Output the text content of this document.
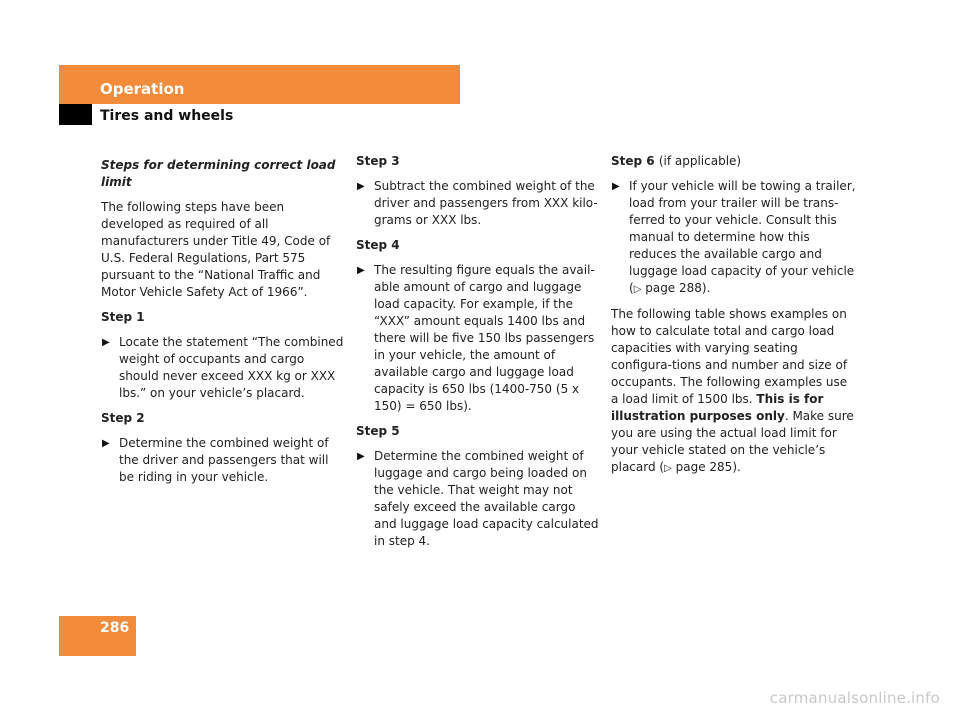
Operation
Tires and wheels
Steps for determining correct load limit

The following steps have been developed as required of all manufacturers under Title 49, Code of U.S. Federal Regulations, Part 575 pursuant to the “National Traffic and Motor Vehicle Safety Act of 1966”.

Step 1
▶ Locate the statement “The combined weight of occupants and cargo should never exceed XXX kg or XXX lbs.” on your vehicle’s placard.
Step 2
▶ Determine the combined weight of the driver and passengers that will be riding in your vehicle.
Step 3
▶ Subtract the combined weight of the driver and passengers from XXX kilo-grams or XXX lbs.
Step 4
▶ The resulting figure equals the avail-able amount of cargo and luggage load capacity. For example, if the “XXX” amount equals 1400 lbs and there will be five 150 lbs passengers in your vehicle, the amount of available cargo and luggage load capacity is 650 lbs (1400-750 (5 x 150) = 650 lbs).
Step 5
▶ Determine the combined weight of luggage and cargo being loaded on the vehicle. That weight may not safely exceed the available cargo and luggage load capacity calculated in step 4.
Step 6 (if applicable)
▶ If your vehicle will be towing a trailer, load from your trailer will be trans-ferred to your vehicle. Consult this manual to determine how this reduces the available cargo and luggage load capacity of your vehicle (▷ page 288).

The following table shows examples on how to calculate total and cargo load capacities with varying seating configura-tions and number and size of occupants. The following examples use a load limit of 1500 lbs. This is for illustration purposes only. Make sure you are using the actual load limit for your vehicle stated on the vehicle’s placard (▷ page 285).

286
carmanualsonline.info
